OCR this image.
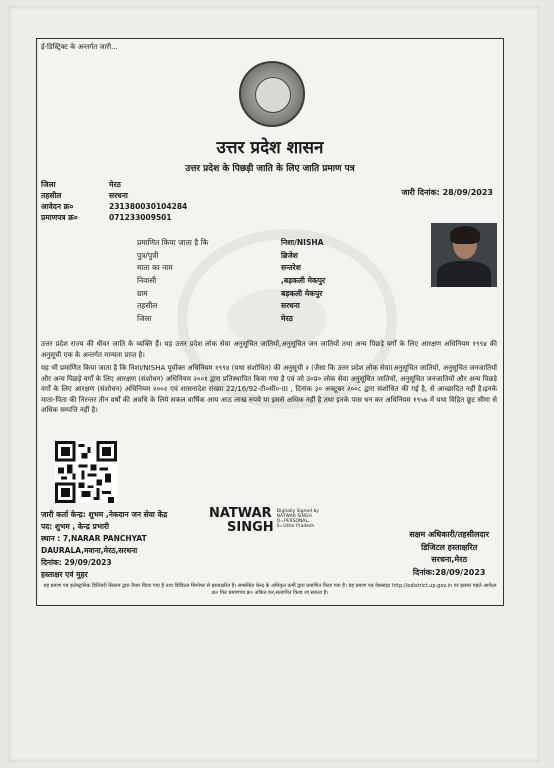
ई-डिस्ट्रिक्ट के अन्तर्गत जारी...
उत्तर प्रदेश शासन
उत्तर प्रदेश के पिछड़ी जाति के लिए जाति प्रमाण पत्र
जिला	मेरठ
तहसील	सरधना
आवेदन क्र०	231380030104284
प्रमाणपत्र क्र०	071233009501
जारी दिनांक: 28/09/2023
प्रमाणित किया जाता है कि	निशा/NISHA
पुत्र/पुत्री	ब्रिजेश
माता का नाम	सन्तरेश
निवासी	,बड़कली मेकपुर
ग्राम	बड़कली मेकपुर
तहसील	सरधना
जिला	मेरठ
उत्तर प्रदेश राज्य की धीवर जाति के व्यक्ति हैं। यह उत्तर प्रदेश लोक सेवा अनुसूचित जातियों,अनुसूचित जन जातियों तथा अन्य पिछड़े वर्गों के लिए आरक्षण अधिनियम १९९४ की अनुसूची एक के अन्तर्गत मान्यता प्राप्त है।
यह भी प्रमाणित किया जाता है कि निशा/NISHA पूर्वोक्त अधिनियम १९९४ (यथा संशोधित) की अनुसूची २ (जैसा कि उत्तर प्रदेश लोक सेवा(अनुसूचित जातियों, अनुसूचित जनजातियों और अन्य पिछड़े वर्गों के लिए आरक्षण (संशोधन) अधिनियम २००१ द्वारा प्रतिस्थापित किया गया है एवं जो उ०प्र० लोक सेवा अनुसूचित जातियों, अनुसूचित जनजातियों और अन्य पिछड़े वर्गों के लिए आरक्षण (संशोधन) अधिनियम २००२ एवं शासनादेश संख्या 22/16/92-टी०सी०-III , दिनांक ३० अक्टूबर २००८ द्वारा संशोधित की गई है, से आच्छादित नहीं है।इनके माता-पिता की निरन्तर तीन वर्षों की अवधि के लिये सकल वार्षिक आय आठ लाख रुपये या इससे अधिक नहीं है तथा इनके पास धन कर अधिनियम १९५७ में यथा विहित छूट सीमा से अधिक सम्पत्ति नहीं है।
जारी कर्ता केन्द्र: शुभम ,नेकदान जन सेवा केंद्र
पद: शुभम , केन्द्र प्रभारी
स्थान : 7,NARAR PANCHYAT
DAURALA,मवाना,मेरठ,सरधना
दिनांक: 29/09/2023
हस्ताक्षर एवं मुहर
NATWAR
SINGH
Digitally Signed by NATWAR SINGH O=PERSONAL, S=Uttar Pradesh
सक्षम अधिकारी/तहसीलदार
डिजिटल हस्ताक्षरित
सरधना,मेरठ
दिनांक:28/09/2023
यह प्रमाण पत्र इलेक्ट्रानिक डिलिवरी सिस्टम द्वारा तैयार किया गया है तथा डिजिटल सिग्नेचर से हस्ताक्षरित है। सम्बन्धित केन्द्र के अधिकृत कर्मी द्वारा प्रमाणित किया गया है। यह प्रमाण पत्र वेबसाइट http://edistrict.up.gov.in पर इसका पहले आवेदन क्र० फिर प्रमाणपत्र क्र० अंकित कर,सत्यापित किया जा सकता है।
